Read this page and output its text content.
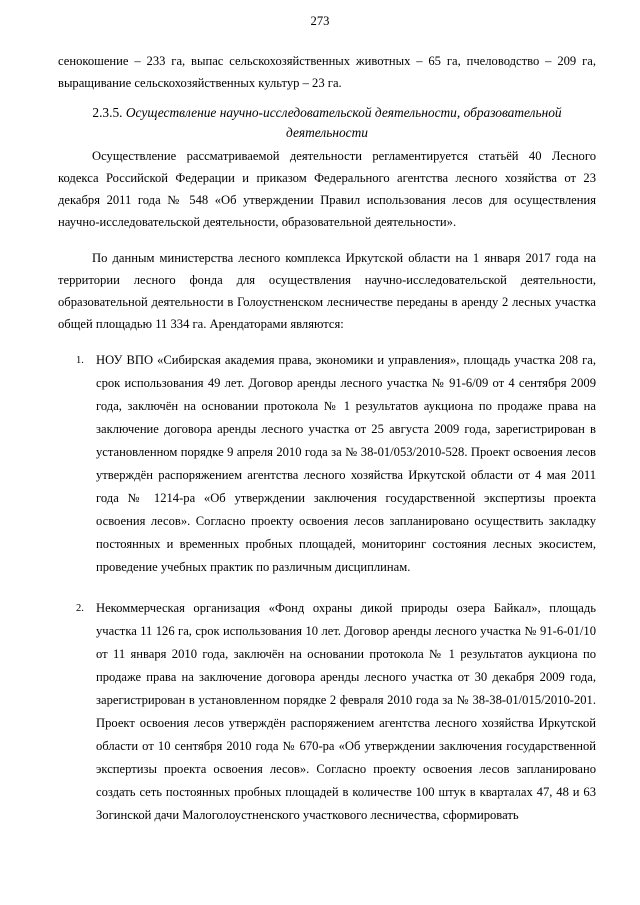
273

сенокошение – 233 га, выпас сельскохозяйственных животных – 65 га, пчеловодство – 209 га, выращивание сельскохозяйственных культур – 23 га.

2.3.5. Осуществление научно-исследовательской деятельности, образовательной деятельности

Осуществление рассматриваемой деятельности регламентируется статьёй 40 Лесного кодекса Российской Федерации и приказом Федерального агентства лесного хозяйства от 23 декабря 2011 года № 548 «Об утверждении Правил использования лесов для осуществления научно-исследовательской деятельности, образовательной деятельности».

По данным министерства лесного комплекса Иркутской области на 1 января 2017 года на территории лесного фонда для осуществления научно-исследовательской деятельности, образовательной деятельности в Голоустненском лесничестве переданы в аренду 2 лесных участка общей площадью 11 334 га. Арендаторами являются:

1. НОУ ВПО «Сибирская академия права, экономики и управления», площадь участка 208 га, срок использования 49 лет. Договор аренды лесного участка № 91-6/09 от 4 сентября 2009 года, заключён на основании протокола № 1 результатов аукциона по продаже права на заключение договора аренды лесного участка от 25 августа 2009 года, зарегистрирован в установленном порядке 9 апреля 2010 года за № 38-01/053/2010-528. Проект освоения лесов утверждён распоряжением агентства лесного хозяйства Иркутской области от 4 мая 2011 года № 1214-ра «Об утверждении заключения государственной экспертизы проекта освоения лесов». Согласно проекту освоения лесов запланировано осуществить закладку постоянных и временных пробных площадей, мониторинг состояния лесных экосистем, проведение учебных практик по различным дисциплинам.
2. Некоммерческая организация «Фонд охраны дикой природы озера Байкал», площадь участка 11 126 га, срок использования 10 лет. Договор аренды лесного участка № 91-6-01/10 от 11 января 2010 года, заключён на основании протокола № 1 результатов аукциона по продаже права на заключение договора аренды лесного участка от 30 декабря 2009 года, зарегистрирован в установленном порядке 2 февраля 2010 года за № 38-38-01/015/2010-201. Проект освоения лесов утверждён распоряжением агентства лесного хозяйства Иркутской области от 10 сентября 2010 года № 670-ра «Об утверждении заключения государственной экспертизы проекта освоения лесов». Согласно проекту освоения лесов запланировано создать сеть постоянных пробных площадей в количестве 100 штук в кварталах 47, 48 и 63 Зогинской дачи Малоголоустненского участкового лесничества, сформировать
